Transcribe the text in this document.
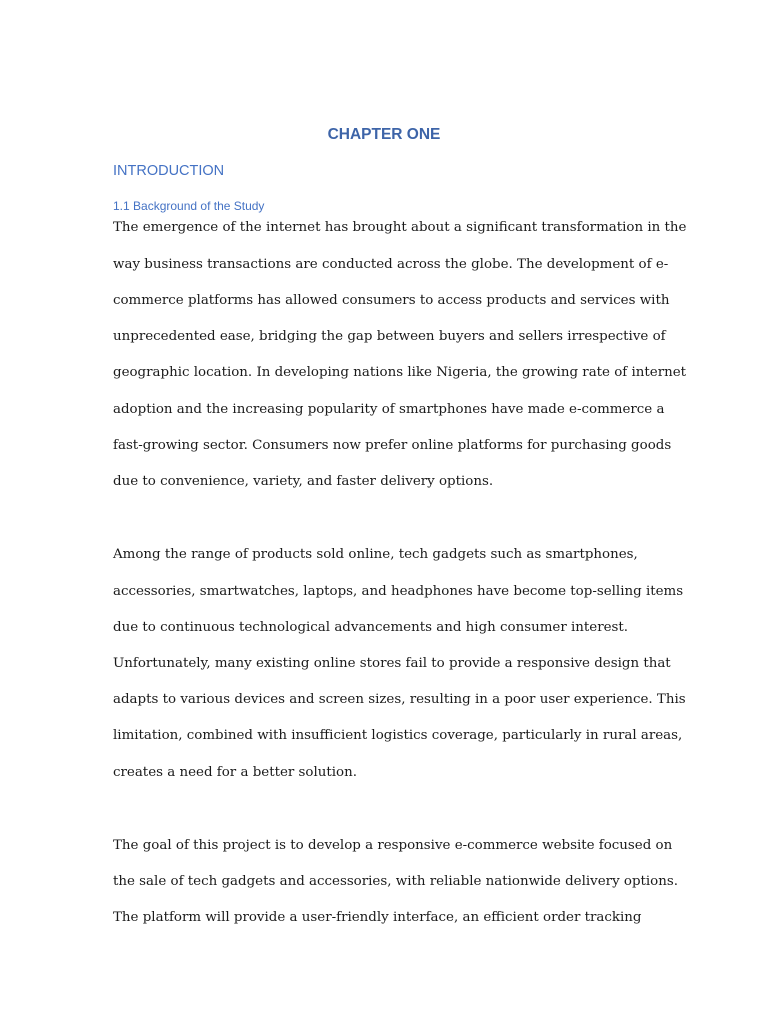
CHAPTER ONE
INTRODUCTION
1.1 Background of the Study

The emergence of the internet has brought about a significant transformation in the

way business transactions are conducted across the globe. The development of e-

commerce platforms has allowed consumers to access products and services with

unprecedented ease, bridging the gap between buyers and sellers irrespective of

geographic location. In developing nations like Nigeria, the growing rate of internet

adoption and the increasing popularity of smartphones have made e-commerce a

fast-growing sector. Consumers now prefer online platforms for purchasing goods

due to convenience, variety, and faster delivery options.

Among the range of products sold online, tech gadgets such as smartphones,

accessories, smartwatches, laptops, and headphones have become top-selling items

due to continuous technological advancements and high consumer interest.

Unfortunately, many existing online stores fail to provide a responsive design that

adapts to various devices and screen sizes, resulting in a poor user experience. This

limitation, combined with insufficient logistics coverage, particularly in rural areas,

creates a need for a better solution.

The goal of this project is to develop a responsive e-commerce website focused on

the sale of tech gadgets and accessories, with reliable nationwide delivery options.

The platform will provide a user-friendly interface, an efficient order tracking
